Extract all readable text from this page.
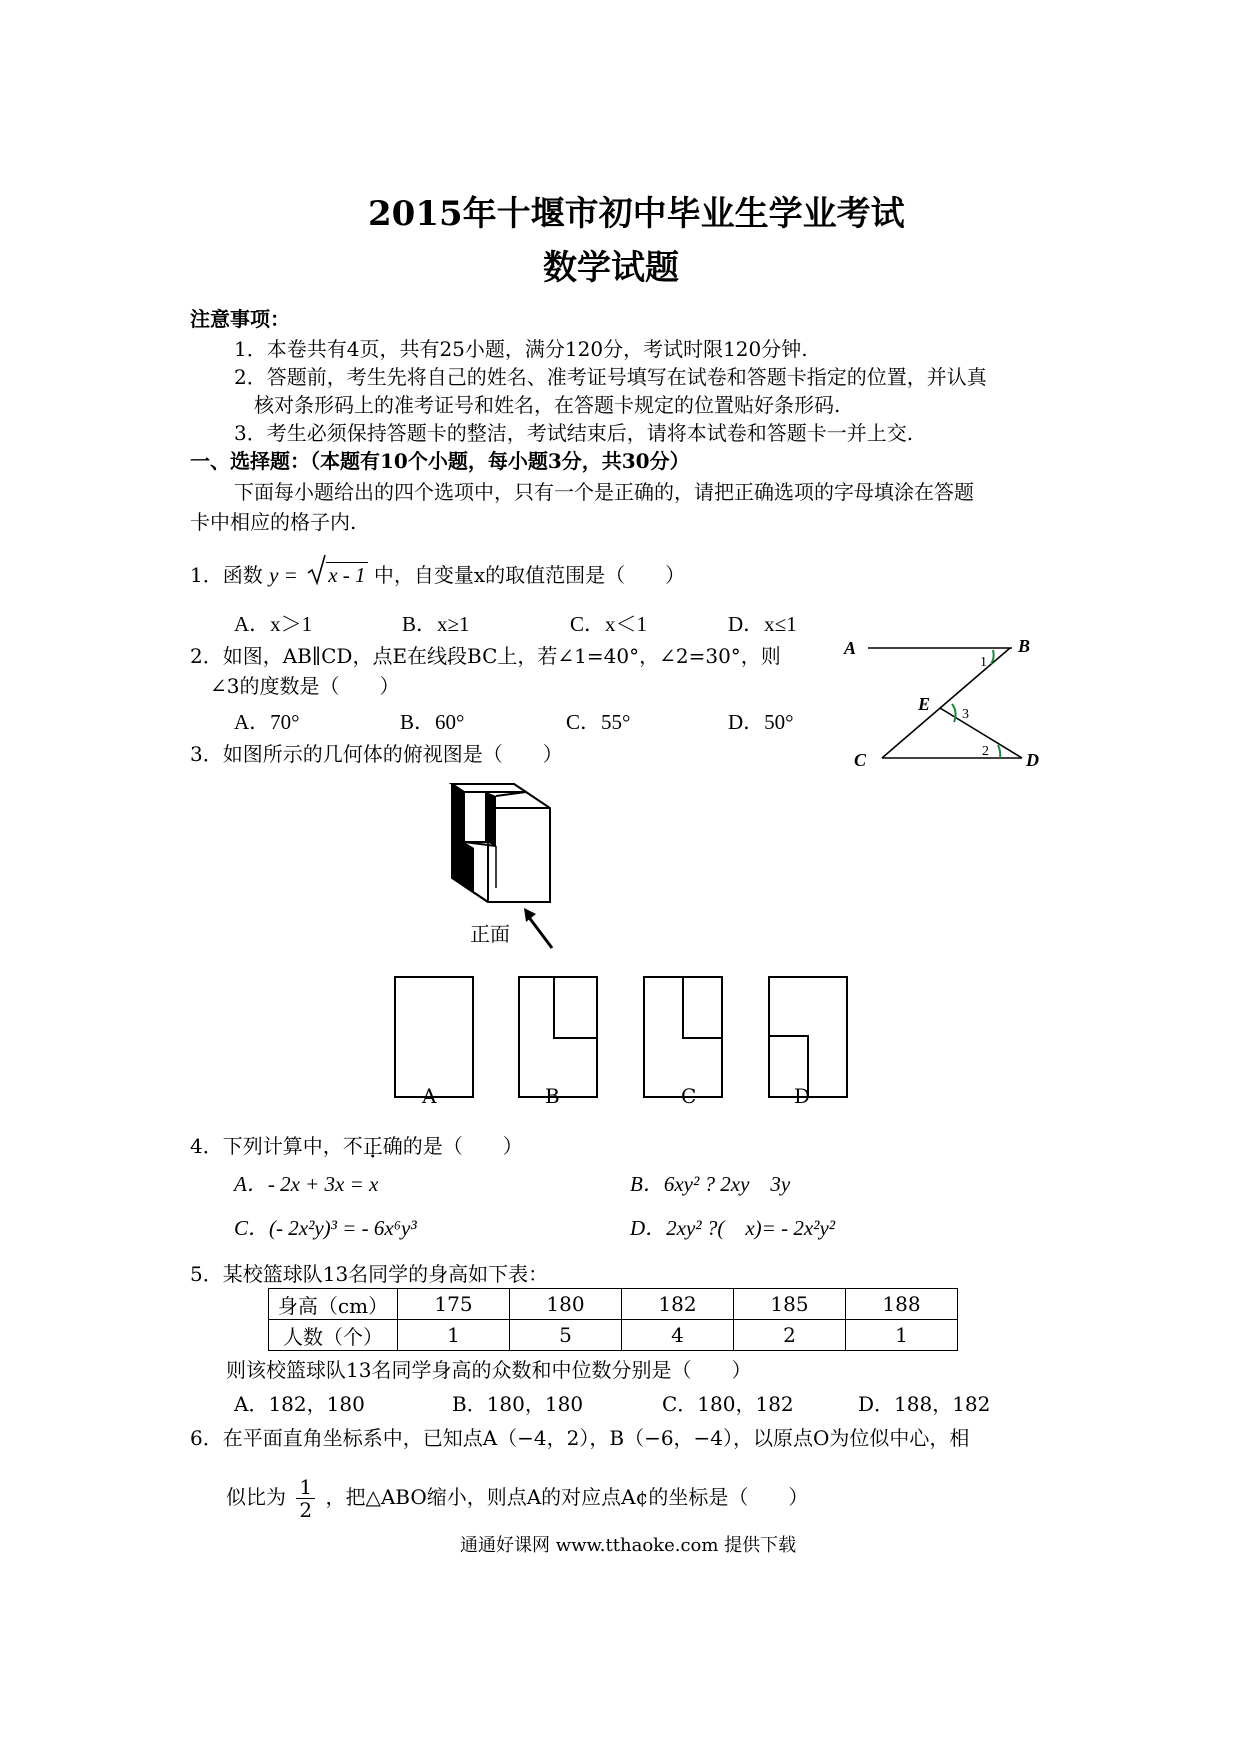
2015年十堰市初中毕业生学业考试
数学试题
注意事项：
1．本卷共有4页，共有25小题，满分120分，考试时限120分钟.
2．答题前，考生先将自己的姓名、准考证号填写在试卷和答题卡指定的位置，并认真
核对条形码上的准考证号和姓名，在答题卡规定的位置贴好条形码.
3．考生必须保持答题卡的整洁，考试结束后，请将本试卷和答题卡一并上交.
一、选择题：（本题有10个小题，每小题3分，共30分）
下面每小题给出的四个选项中，只有一个是正确的，请把正确选项的字母填涂在答题
卡中相应的格子内.
1．函数 y = x - 1 中，自变量x的取值范围是（　　）
A．x＞1	B．x≥1	C．x＜1	D．x≤1
2．如图，AB∥CD，点E在线段BC上，若∠1=40°，∠2=30°，则
∠3的度数是（　　）
A．70°	B．60°	C．55°	D．50°
A	B
C	D
E
1
2
3
3．如图所示的几何体的俯视图是（　　）
正面
A	B	C	D
4．下列计算中，不正确的是（　　）
A．- 2x + 3x = x	B．6xy² ? 2xy　3y
C．(- 2x²y)³ = - 6x⁶y³	D．2xy² ?(　x)= - 2x²y²
5．某校篮球队13名同学的身高如下表：
身高（cm）	175	180	182	185	188
人数（个）	1	5	4	2	1
则该校篮球队13名同学身高的众数和中位数分别是（　　）
A．182，180	B．180，180	C．180，182	D．188，182
6．在平面直角坐标系中，已知点A（−4，2），B（−6，−4），以原点O为位似中心，相
似比为 $\frac{1}{2}$ ，把△ABO缩小，则点A的对应点A¢的坐标是（　　）
通通好课网 www.tthaoke.com 提供下载
